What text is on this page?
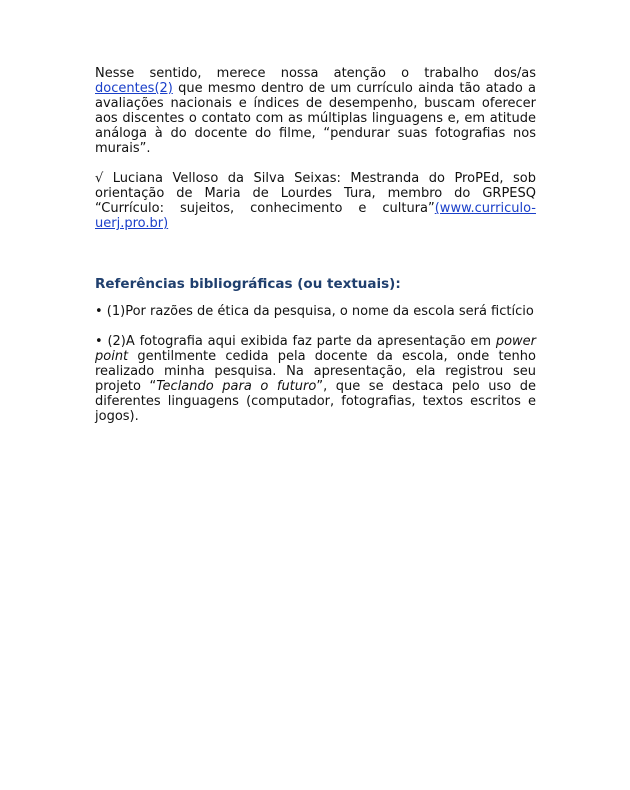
Nesse sentido, merece nossa atenção o trabalho dos/as docentes(2) que mesmo dentro de um currículo ainda tão atado a avaliações nacionais e índices de desempenho, buscam oferecer aos discentes o contato com as múltiplas linguagens e, em atitude análoga à do docente do filme, “pendurar suas fotografias nos murais”.

√ Luciana Velloso da Silva Seixas: Mestranda do ProPEd, sob orientação de Maria de Lourdes Tura, membro do GRPESQ “Currículo: sujeitos, conhecimento e cultura”(www.curriculo-uerj.pro.br)

Referências bibliográficas (ou textuais):

• (1)Por razões de ética da pesquisa, o nome da escola será fictício

• (2)A fotografia aqui exibida faz parte da apresentação em power point gentilmente cedida pela docente da escola, onde tenho realizado minha pesquisa. Na apresentação, ela registrou seu projeto “Teclando para o futuro”, que se destaca pelo uso de diferentes linguagens (computador, fotografias, textos escritos e jogos).
